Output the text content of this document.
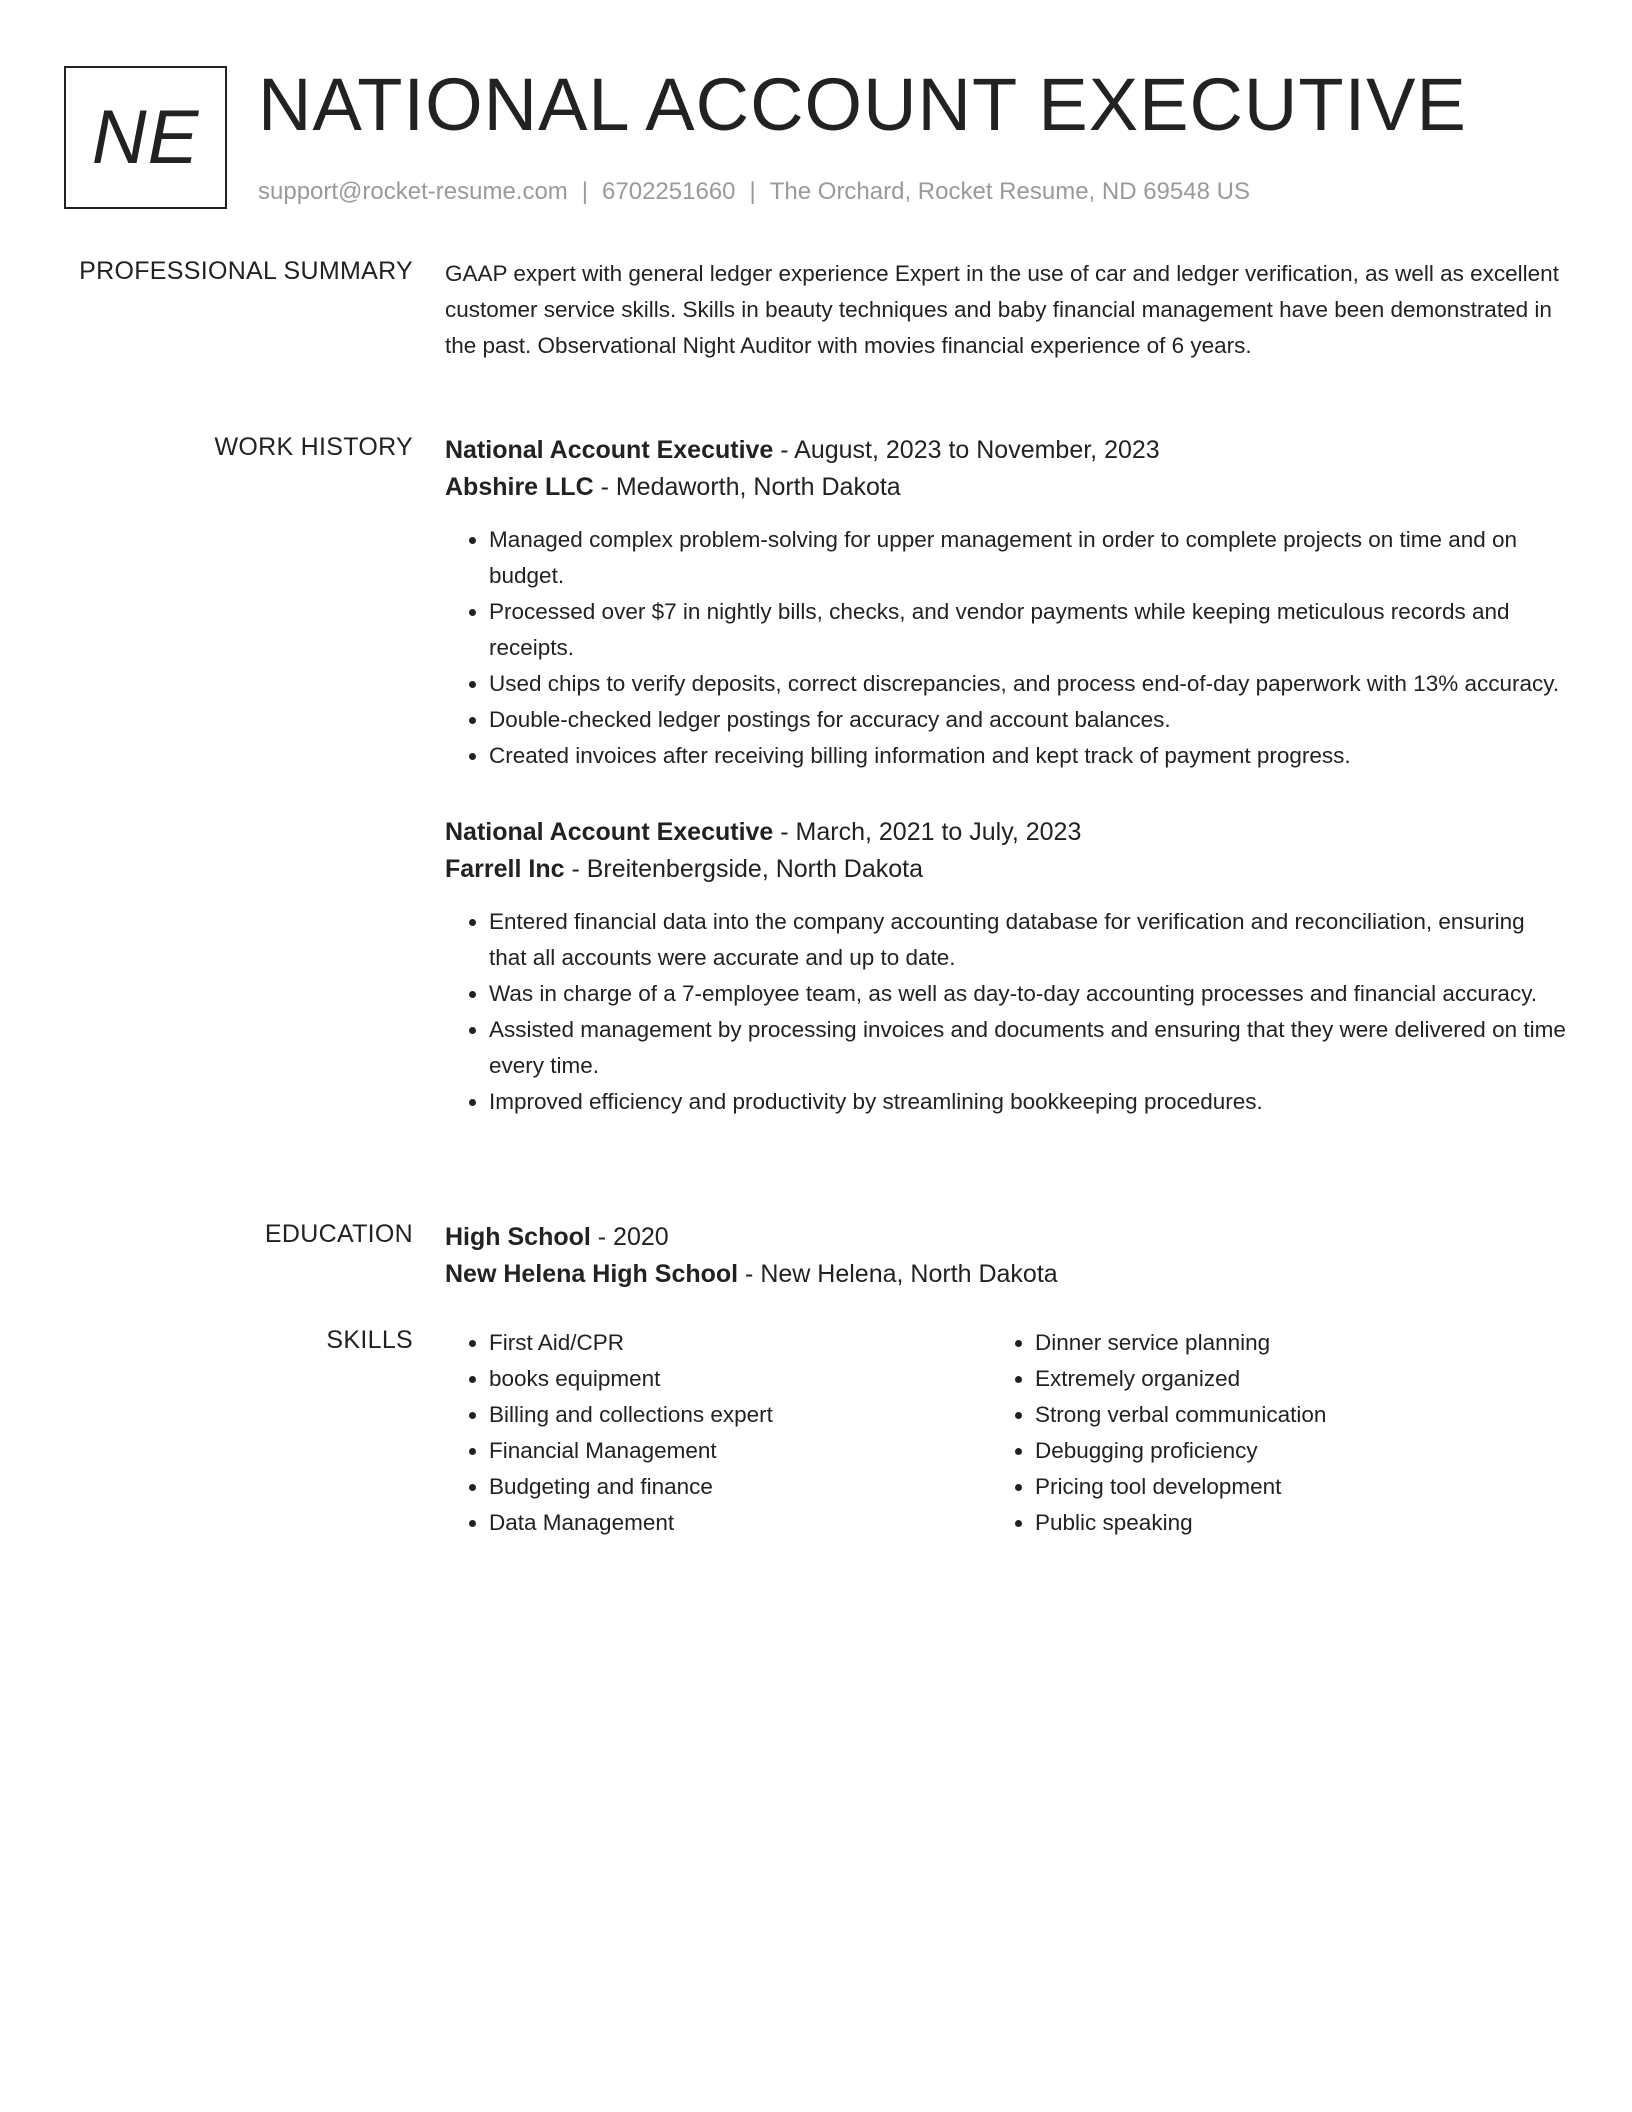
NE NATIONAL ACCOUNT EXECUTIVE
support@rocket-resume.com | 6702251660 | The Orchard, Rocket Resume, ND 69548 US
PROFESSIONAL SUMMARY GAAP expert with general ledger experience Expert in the use of car and ledger verification, as well as excellent customer service skills. Skills in beauty techniques and baby financial management have been demonstrated in the past. Observational Night Auditor with movies financial experience of 6 years.

WORK HISTORY National Account Executive - August, 2023 to November, 2023
Abshire LLC - Medaworth, North Dakota
• Managed complex problem-solving for upper management in order to complete projects on time and on budget.
• Processed over $7 in nightly bills, checks, and vendor payments while keeping meticulous records and receipts.
• Used chips to verify deposits, correct discrepancies, and process end-of-day paperwork with 13% accuracy.
• Double-checked ledger postings for accuracy and account balances.
• Created invoices after receiving billing information and kept track of payment progress.
National Account Executive - March, 2021 to July, 2023
Farrell Inc - Breitenbergside, North Dakota
• Entered financial data into the company accounting database for verification and reconciliation, ensuring that all accounts were accurate and up to date.
• Was in charge of a 7-employee team, as well as day-to-day accounting processes and financial accuracy.
• Assisted management by processing invoices and documents and ensuring that they were delivered on time every time.
• Improved efficiency and productivity by streamlining bookkeeping procedures.
EDUCATION High School - 2020
New Helena High School - New Helena, North Dakota
SKILLS
•	First Aid/CPR
• books equipment
• Billing and collections expert
• Financial Management
• Budgeting and finance
• Data Management
• Dinner service planning
• Extremely organized
• Strong verbal communication
• Debugging proficiency
• Pricing tool development
• Public speaking
